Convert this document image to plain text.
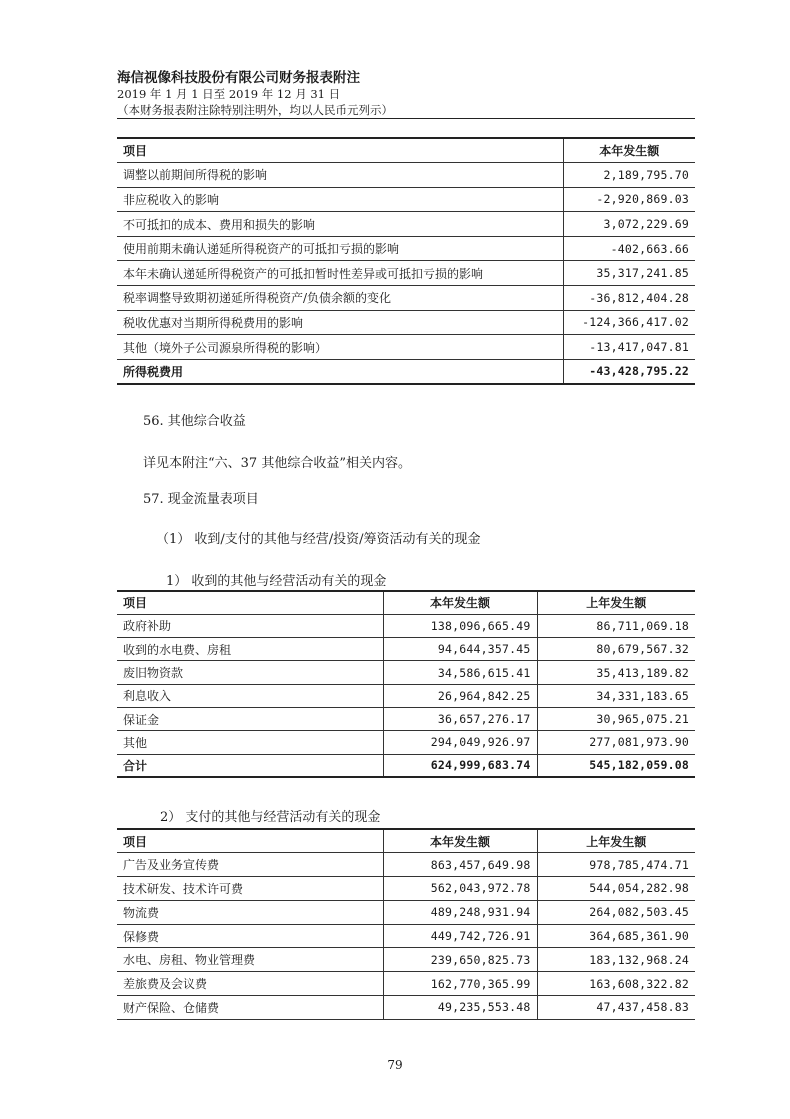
海信视像科技股份有限公司财务报表附注
2019 年 1 月 1 日至 2019 年 12 月 31 日
（本财务报表附注除特别注明外，均以人民币元列示）
项目	本年发生额
调整以前期间所得税的影响	2,189,795.70
非应税收入的影响	-2,920,869.03
不可抵扣的成本、费用和损失的影响	3,072,229.69
使用前期未确认递延所得税资产的可抵扣亏损的影响	-402,663.66
本年未确认递延所得税资产的可抵扣暂时性差异或可抵扣亏损的影响	35,317,241.85
税率调整导致期初递延所得税资产/负债余额的变化	-36,812,404.28
税收优惠对当期所得税费用的影响	-124,366,417.02
其他（境外子公司源泉所得税的影响）	-13,417,047.81
所得税费用	-43,428,795.22
56. 其他综合收益
详见本附注“六、37 其他综合收益”相关内容。
57. 现金流量表项目
（1） 收到/支付的其他与经营/投资/筹资活动有关的现金
1） 收到的其他与经营活动有关的现金
项目	本年发生额	上年发生额
政府补助	138,096,665.49	86,711,069.18
收到的水电费、房租	94,644,357.45	80,679,567.32
废旧物资款	34,586,615.41	35,413,189.82
利息收入	26,964,842.25	34,331,183.65
保证金	36,657,276.17	30,965,075.21
其他	294,049,926.97	277,081,973.90
合计	624,999,683.74	545,182,059.08
2） 支付的其他与经营活动有关的现金
项目	本年发生额	上年发生额
广告及业务宣传费	863,457,649.98	978,785,474.71
技术研发、技术许可费	562,043,972.78	544,054,282.98
物流费	489,248,931.94	264,082,503.45
保修费	449,742,726.91	364,685,361.90
水电、房租、物业管理费	239,650,825.73	183,132,968.24
差旅费及会议费	162,770,365.99	163,608,322.82
财产保险、仓储费	49,235,553.48	47,437,458.83
79
